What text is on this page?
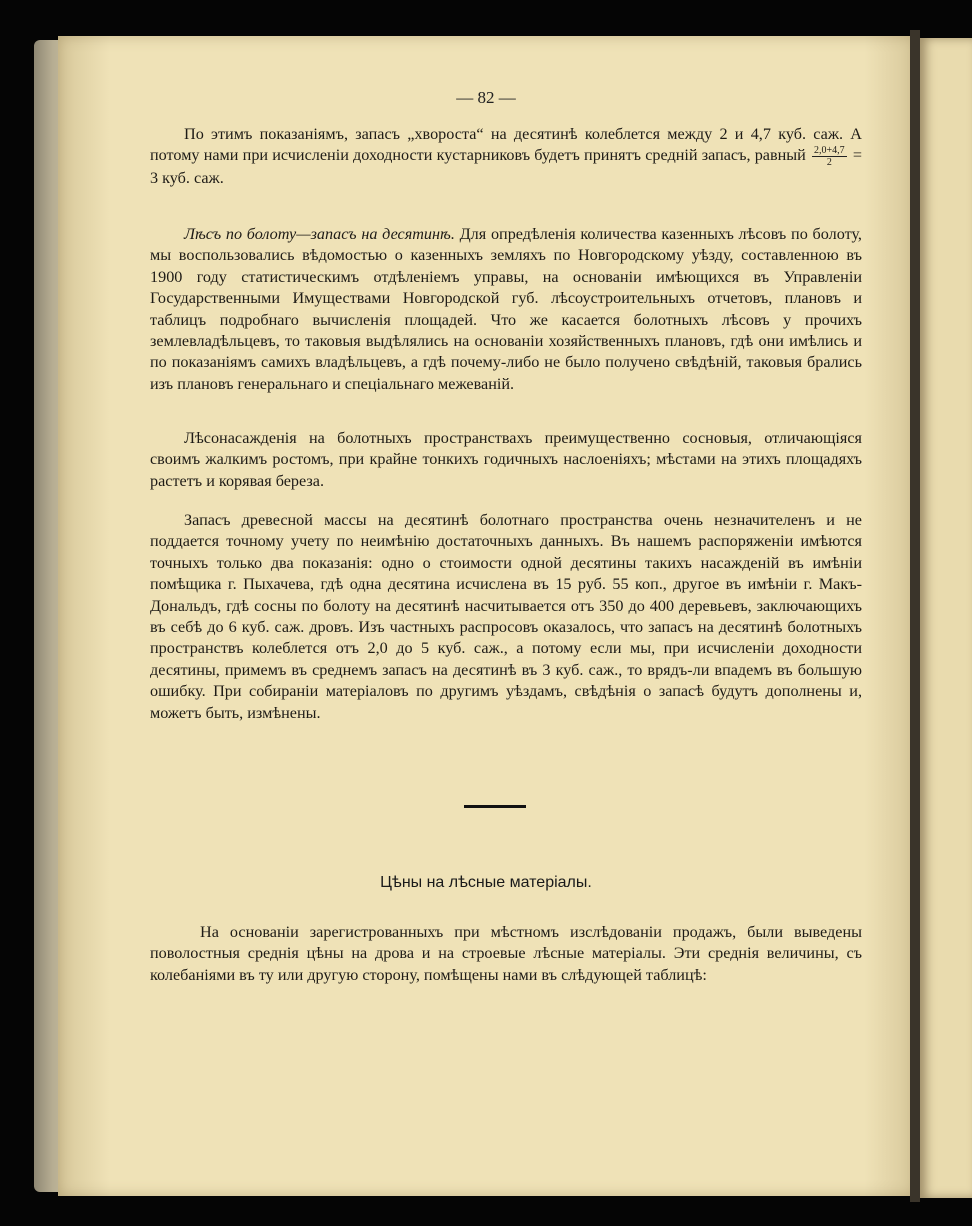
— 82 —

По этимъ показаніямъ, запасъ „хвороста“ на десятинѣ колеблется между 2 и 4,7 куб. саж. А потому нами при исчисленіи доходности кустарниковъ будетъ принятъ средній запасъ, равный $\frac{2,0+4,7}{2} = 3$ куб. саж.

Лѣсъ по болоту—запасъ на десятинѣ. Для опредѣленія количества казенныхъ лѣсовъ по болоту, мы воспользовались вѣдомостью о казенныхъ земляхъ по Новгородскому уѣзду, составленною въ 1900 году статистическимъ отдѣленіемъ управы, на основаніи имѣющихся въ Управленіи Государственными Имуществами Новгородской губ. лѣсоустроительныхъ отчетовъ, плановъ и таблицъ подробнаго вычисленія площадей. Что же касается болотныхъ лѣсовъ у прочихъ землевладѣльцевъ, то таковыя выдѣлялись на основаніи хозяйственныхъ плановъ, гдѣ они имѣлись и по показаніямъ самихъ владѣльцевъ, а гдѣ почему-либо не было получено свѣдѣній, таковыя брались изъ плановъ генеральнаго и спеціальнаго межеваній.

Лѣсонасажденія на болотныхъ пространствахъ преимущественно сосновыя, отличающіяся своимъ жалкимъ ростомъ, при крайне тонкихъ годичныхъ наслоеніяхъ; мѣстами на этихъ площадяхъ растетъ и корявая береза.

Запасъ древесной массы на десятинѣ болотнаго пространства очень незначителенъ и не поддается точному учету по неимѣнію достаточныхъ данныхъ. Въ нашемъ распоряженіи имѣются точныхъ только два показанія: одно о стоимости одной десятины такихъ насажденій въ имѣніи помѣщика г. Пыхачева, гдѣ одна десятина исчислена въ 15 руб. 55 коп., другое въ имѣніи г. Макъ-Дональдъ, гдѣ сосны по болоту на десятинѣ насчитывается отъ 350 до 400 деревьевъ, заключающихъ въ себѣ до 6 куб. саж. дровъ. Изъ частныхъ распросовъ оказалось, что запасъ на десятинѣ болотныхъ пространствъ колеблется отъ 2,0 до 5 куб. саж., а потому если мы, при исчисленіи доходности десятины, примемъ въ среднемъ запасъ на десятинѣ въ 3 куб. саж., то врядъ-ли впадемъ въ большую ошибку. При собираніи матеріаловъ по другимъ уѣздамъ, свѣдѣнія о запасѣ будутъ дополнены и, можетъ быть, измѣнены.

Цѣны на лѣсные матеріалы.

На основаніи зарегистрованныхъ при мѣстномъ изслѣдованіи продажъ, были выведены поволостныя среднія цѣны на дрова и на строевые лѣсные матеріалы. Эти среднія величины, съ колебаніями въ ту или другую сторону, помѣщены нами въ слѣдующей таблицѣ:
